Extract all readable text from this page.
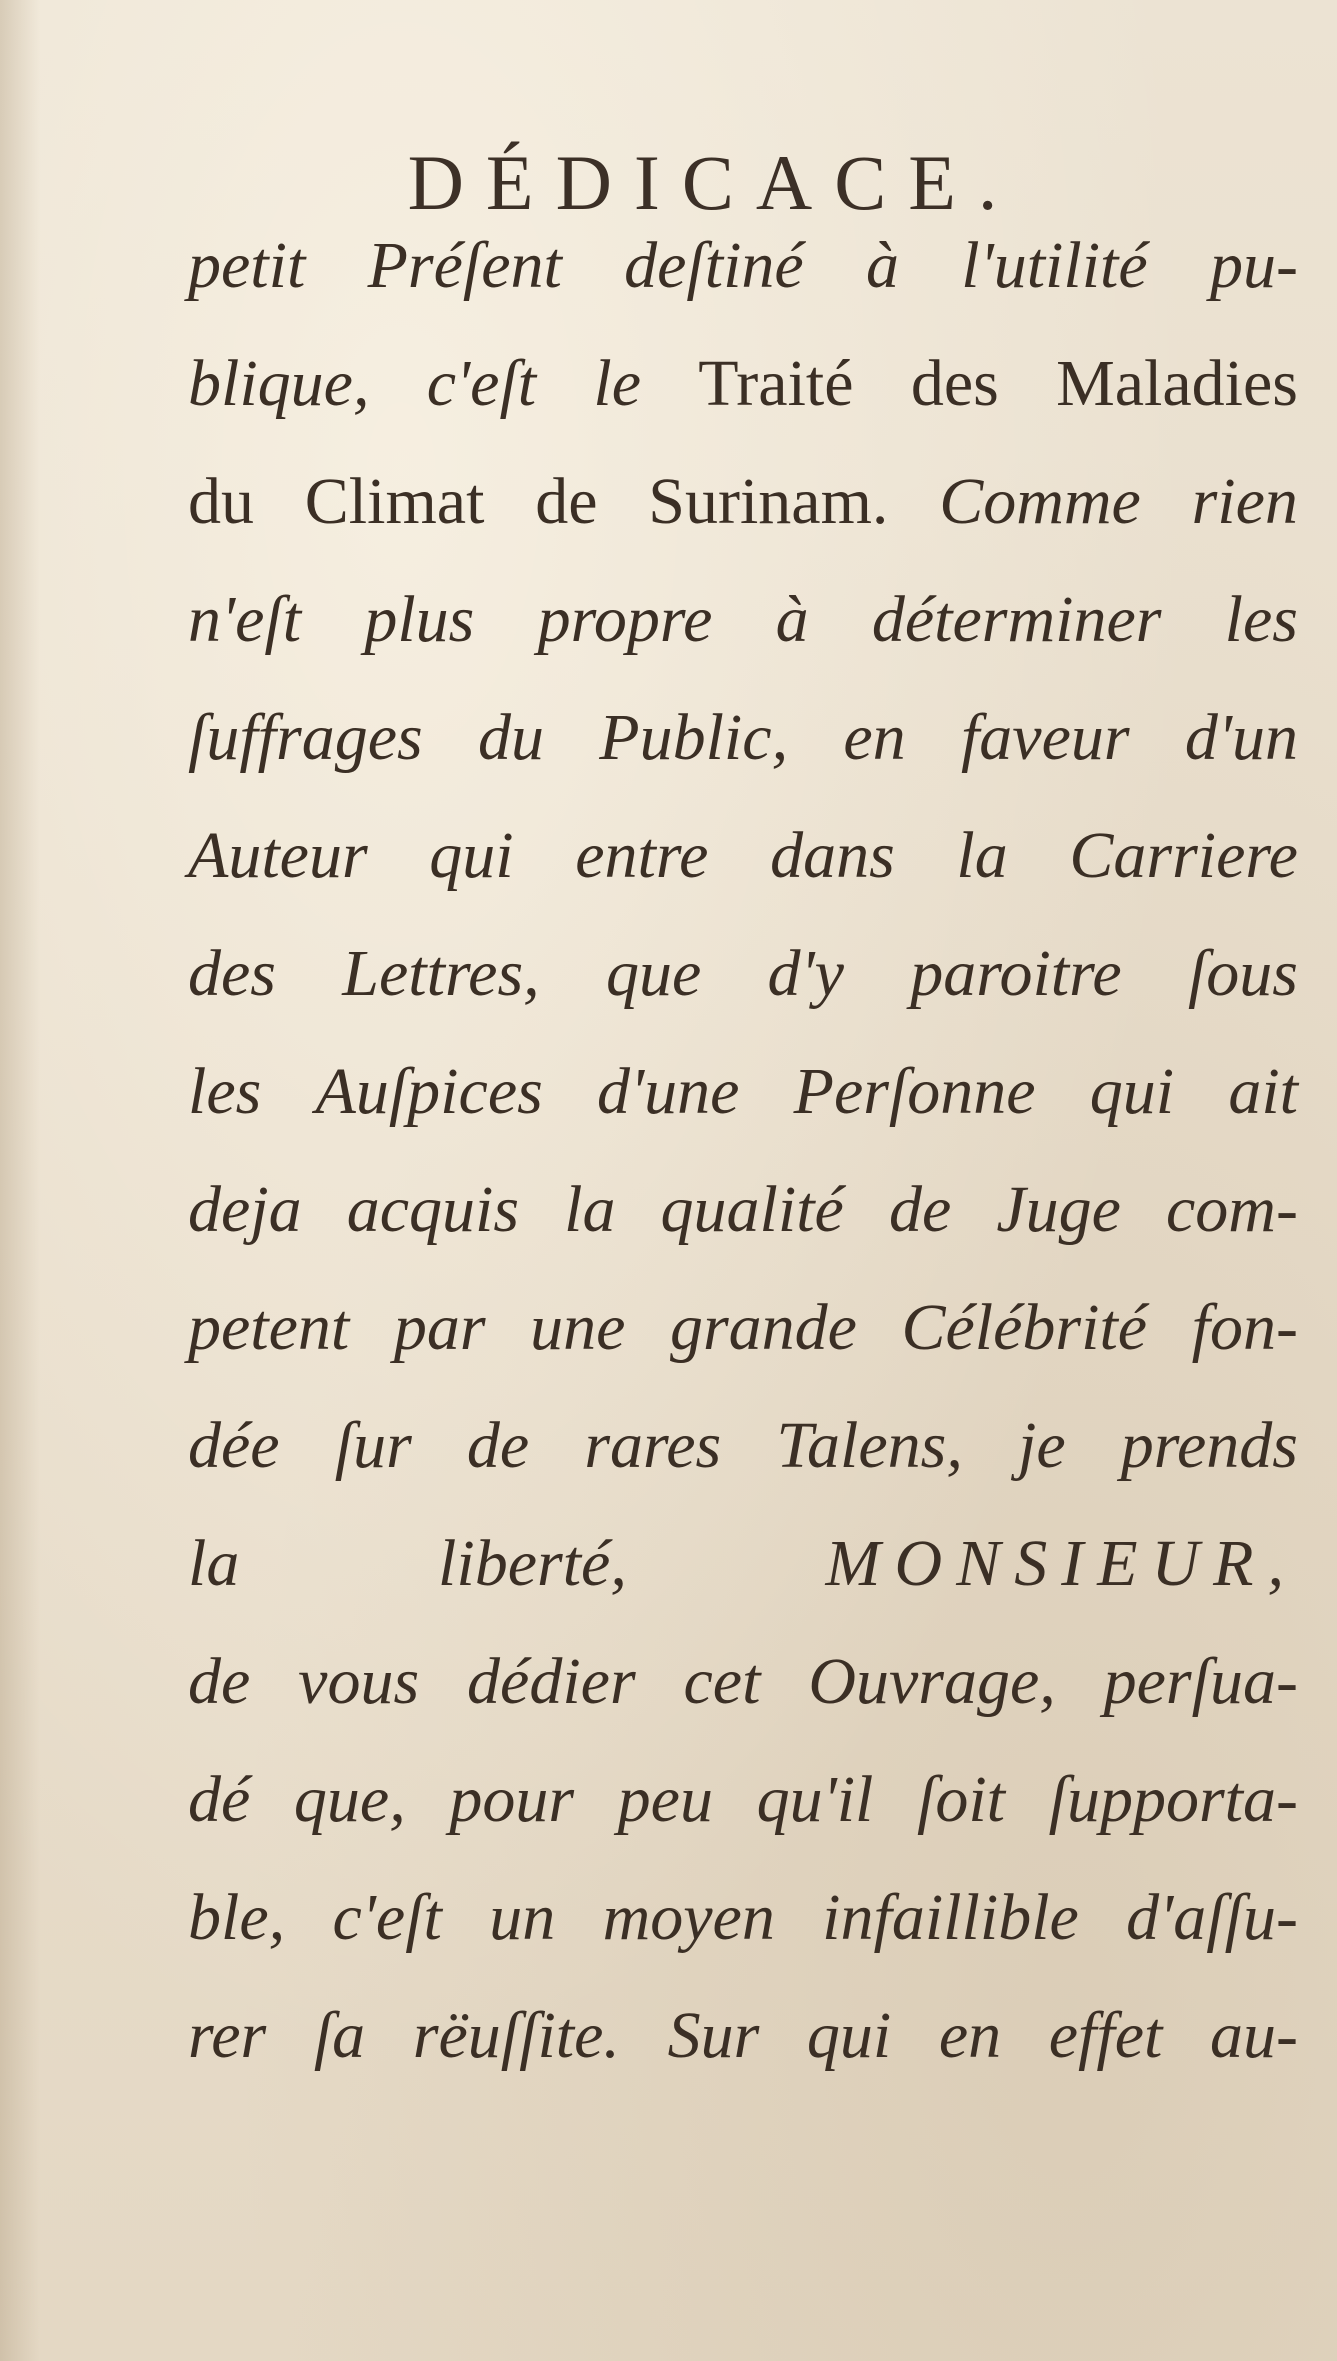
DÉDICACE.
petit Préſent deſtiné à l'utilité pu-
blique, c'eſt le Traité des Maladies
du Climat de Surinam. Comme rien
n'eſt plus propre à déterminer les
ſuffrages du Public, en faveur d'un
Auteur qui entre dans la Carriere
des Lettres, que d'y paroitre ſous
les Auſpices d'une Perſonne qui ait
deja acquis la qualité de Juge com-
petent par une grande Célébrité fon-
dée ſur de rares Talens, je prends
la	liberté,	MONSIEUR,
de vous dédier cet Ouvrage, perſua-
dé que, pour peu qu'il ſoit ſupporta-
ble, c'eſt un moyen infaillible d'aſſu-
rer ſa rëuſſite. Sur qui en effet au-
